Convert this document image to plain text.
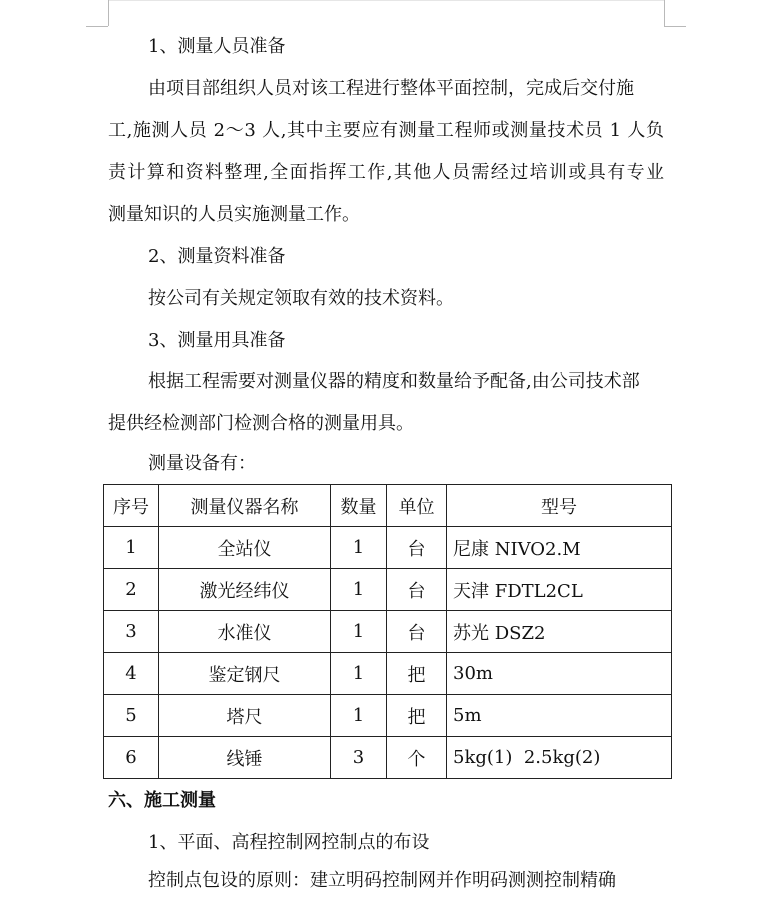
1、测量人员准备
由项目部组织人员对该工程进行整体平面控制，完成后交付施
工,施测人员 2～3 人,其中主要应有测量工程师或测量技术员 1 人负
责计算和资料整理,全面指挥工作,其他人员需经过培训或具有专业
测量知识的人员实施测量工作。
2、测量资料准备
按公司有关规定领取有效的技术资料。
3、测量用具准备
根据工程需要对测量仪器的精度和数量给予配备,由公司技术部
提供经检测部门检测合格的测量用具。
测量设备有：
序号	测量仪器名称	数量	单位	型号
1	全站仪	1	台	尼康 NIVO2.M
2	激光经纬仪	1	台	天津 FDTL2CL
3	水准仪	1	台	苏光 DSZ2
4	鉴定钢尺	1	把	30m
5	塔尺	1	把	5m
6	线锤	3	个	5kg(1)  2.5kg(2)
六、施工测量
1、平面、高程控制网控制点的布设
控制点包设的原则：建立明码控制网并作明码测测控制精确
